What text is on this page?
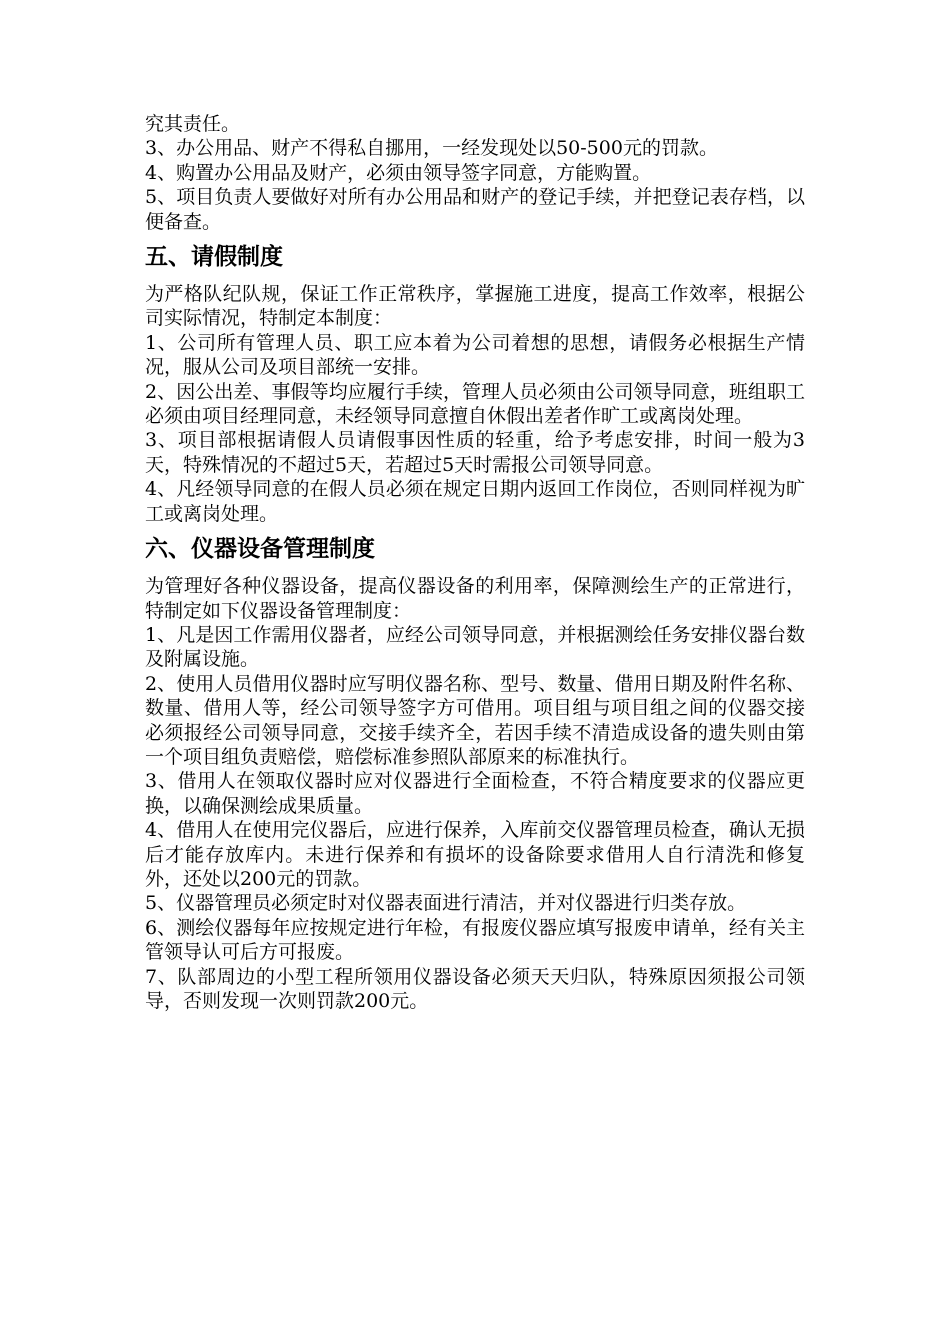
究其责任。

3、办公用品、财产不得私自挪用，一经发现处以50-500元的罚款。

4、购置办公用品及财产，必须由领导签字同意，方能购置。

5、项目负责人要做好对所有办公用品和财产的登记手续，并把登记表存档，以便备查。

五、请假制度

为严格队纪队规，保证工作正常秩序，掌握施工进度，提高工作效率，根据公司实际情况，特制定本制度：

1、公司所有管理人员、职工应本着为公司着想的思想，请假务必根据生产情况，服从公司及项目部统一安排。

2、因公出差、事假等均应履行手续，管理人员必须由公司领导同意，班组职工必须由项目经理同意，未经领导同意擅自休假出差者作旷工或离岗处理。

3、项目部根据请假人员请假事因性质的轻重，给予考虑安排，时间一般为3天，特殊情况的不超过5天，若超过5天时需报公司领导同意。

4、凡经领导同意的在假人员必须在规定日期内返回工作岗位，否则同样视为旷工或离岗处理。

六、仪器设备管理制度

为管理好各种仪器设备，提高仪器设备的利用率，保障测绘生产的正常进行，特制定如下仪器设备管理制度：

1、凡是因工作需用仪器者，应经公司领导同意，并根据测绘任务安排仪器台数及附属设施。

2、使用人员借用仪器时应写明仪器名称、型号、数量、借用日期及附件名称、数量、借用人等，经公司领导签字方可借用。项目组与项目组之间的仪器交接必须报经公司领导同意，交接手续齐全，若因手续不清造成设备的遗失则由第一个项目组负责赔偿，赔偿标准参照队部原来的标准执行。

3、借用人在领取仪器时应对仪器进行全面检查，不符合精度要求的仪器应更换，以确保测绘成果质量。

4、借用人在使用完仪器后，应进行保养，入库前交仪器管理员检查，确认无损后才能存放库内。未进行保养和有损坏的设备除要求借用人自行清洗和修复外，还处以200元的罚款。

5、仪器管理员必须定时对仪器表面进行清洁，并对仪器进行归类存放。

6、测绘仪器每年应按规定进行年检，有报废仪器应填写报废申请单，经有关主管领导认可后方可报废。

7、队部周边的小型工程所领用仪器设备必须天天归队，特殊原因须报公司领导，否则发现一次则罚款200元。
